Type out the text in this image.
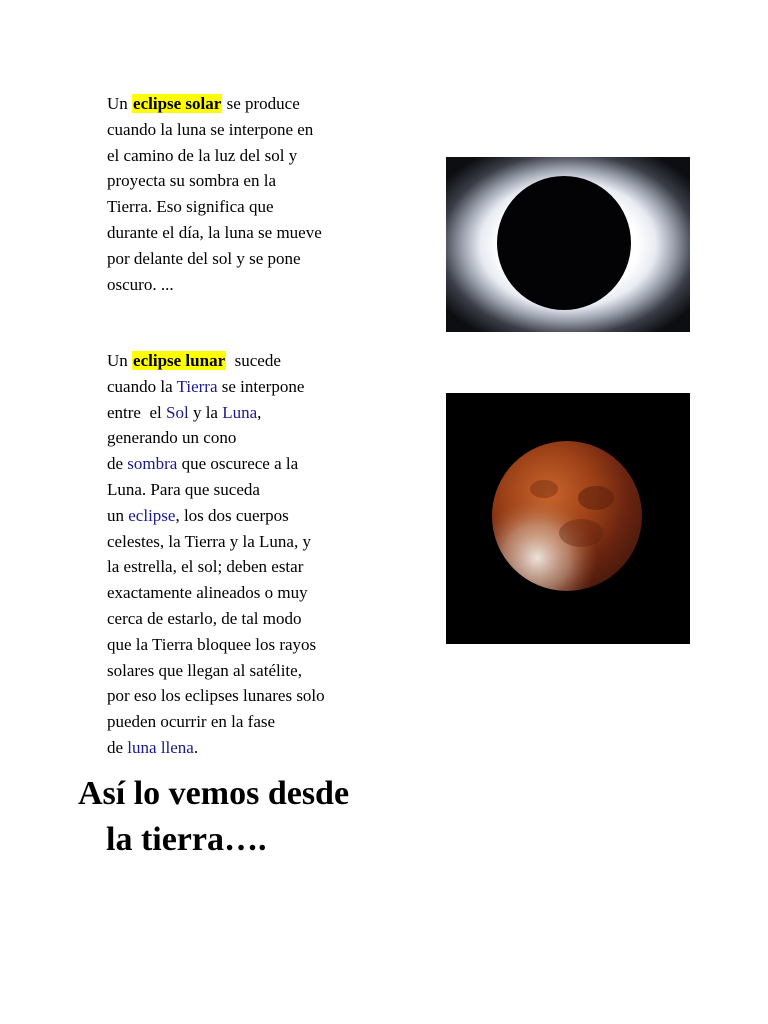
Un eclipse solar se produce
cuando la luna se interpone en
el camino de la luz del sol y
proyecta su sombra en la
Tierra. Eso significa que
durante el día, la luna se mueve
por delante del sol y se pone
oscuro. ...
Un eclipse lunar  sucede
cuando la Tierra se interpone
entre  el Sol y la Luna,
generando un cono
de sombra que oscurece a la
Luna. Para que suceda
un eclipse, los dos cuerpos
celestes, la Tierra y la Luna, y
la estrella, el sol; deben estar
exactamente alineados o muy
cerca de estarlo, de tal modo
que la Tierra bloquee los rayos
solares que llegan al satélite,
por eso los eclipses lunares solo
pueden ocurrir en la fase
de luna llena.
Así lo vemos desde
la tierra….
